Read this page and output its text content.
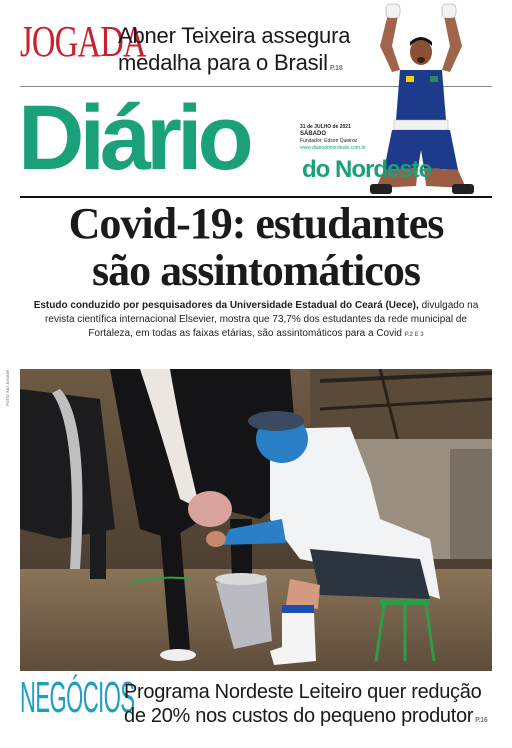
JOGADA
Abner Teixeira assegura medalha para o Brasil P.18
Diário do Nordeste
31 de JULHO de 2021
SÁBADO
Fundador: Edson Queiroz
www.diariodonordeste.com.br
Covid-19: estudantes
são assintomáticos
Estudo conduzido por pesquisadores da Universidade Estadual do Ceará (Uece), divulgado na revista científica internacional Elsevier, mostra que 73,7% dos estudantes da rede municipal de Fortaleza, em todas as faixas etárias, são assintomáticos para a Covid P.2 E 3
FOTO: KID JÚNIOR
NEGÓCIOS
Programa Nordeste Leiteiro quer redução de 20% nos custos do pequeno produtor P.16
